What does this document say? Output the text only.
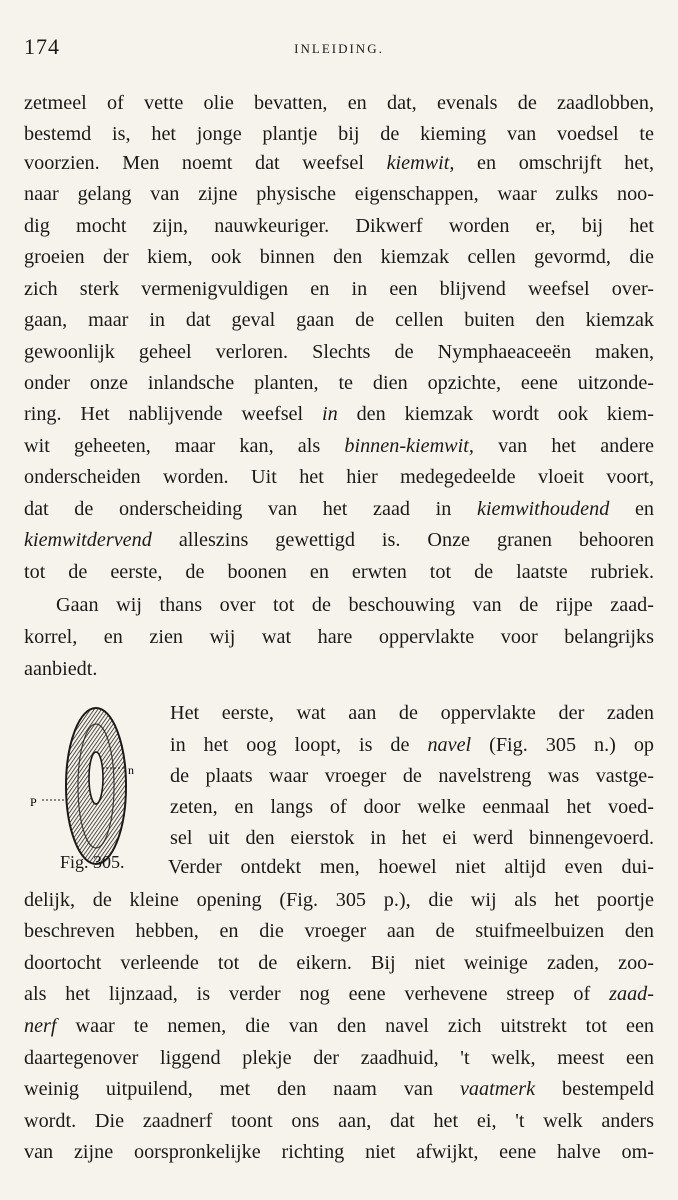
174	INLEIDING.
zetmeel of vette olie bevatten, en dat, evenals de zaadlobben,
bestemd is, het jonge plantje bij de kieming van voedsel te
voorzien. Men noemt dat weefsel kiemwit, en omschrijft het,
naar gelang van zijne physische eigenschappen, waar zulks noo-
dig mocht zijn, nauwkeuriger. Dikwerf worden er, bij het
groeien der kiem, ook binnen den kiemzak cellen gevormd, die
zich sterk vermenigvuldigen en in een blijvend weefsel over-
gaan, maar in dat geval gaan de cellen buiten den kiemzak
gewoonlijk geheel verloren. Slechts de Nymphaeaceeën maken,
onder onze inlandsche planten, te dien opzichte, eene uitzonde-
ring. Het nablijvende weefsel in den kiemzak wordt ook kiem-
wit geheeten, maar kan, als binnen-kiemwit, van het andere
onderscheiden worden. Uit het hier medegedeelde vloeit voort,
dat de onderscheiding van het zaad in kiemwithoudend en
kiemwitdervend alleszins gewettigd is. Onze granen behooren
tot de eerste, de boonen en erwten tot de laatste rubriek.
Gaan wij thans over tot de beschouwing van de rijpe zaad-
korrel, en zien wij wat hare oppervlakte voor belangrijks
aanbiedt.
n
P
Fig. 305.
Het eerste, wat aan de oppervlakte der zaden
in het oog loopt, is de navel (Fig. 305 n.) op
de plaats waar vroeger de navelstreng was vastge-
zeten, en langs of door welke eenmaal het voed-
sel uit den eierstok in het ei werd binnengevoerd.
Verder ontdekt men, hoewel niet altijd even dui-
delijk, de kleine opening (Fig. 305 p.), die wij als het poortje
beschreven hebben, en die vroeger aan de stuifmeelbuizen den
doortocht verleende tot de eikern. Bij niet weinige zaden, zoo-
als het lijnzaad, is verder nog eene verhevene streep of zaad-
nerf waar te nemen, die van den navel zich uitstrekt tot een
daartegenover liggend plekje der zaadhuid, 't welk, meest een
weinig uitpuilend, met den naam van vaatmerk bestempeld
wordt. Die zaadnerf toont ons aan, dat het ei, 't welk anders
van zijne oorspronkelijke richting niet afwijkt, eene halve om-
